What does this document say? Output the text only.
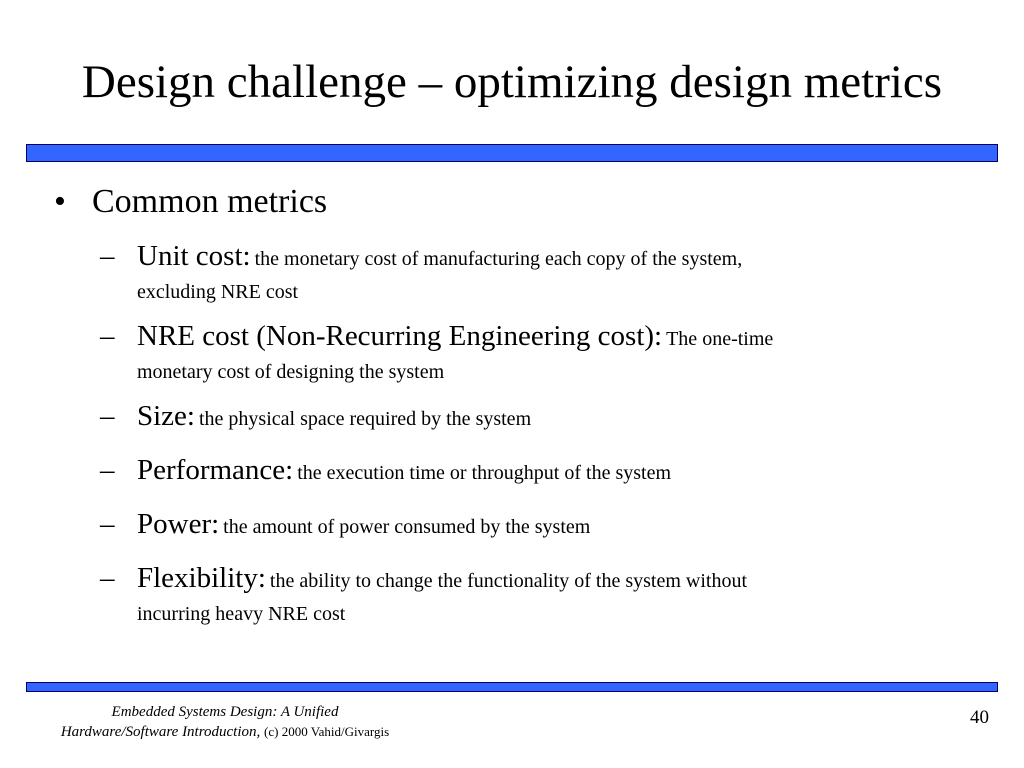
Design challenge – optimizing design metrics
• Common metrics
– Unit cost: the monetary cost of manufacturing each copy of the system,
excluding NRE cost
– NRE cost (Non-Recurring Engineering cost): The one-time
monetary cost of designing the system
– Size: the physical space required by the system
– Performance: the execution time or throughput of the system
– Power: the amount of power consumed by the system
– Flexibility: the ability to change the functionality of the system without
incurring heavy NRE cost
Embedded Systems Design: A Unified
Hardware/Software Introduction, (c) 2000 Vahid/Givargis
40
